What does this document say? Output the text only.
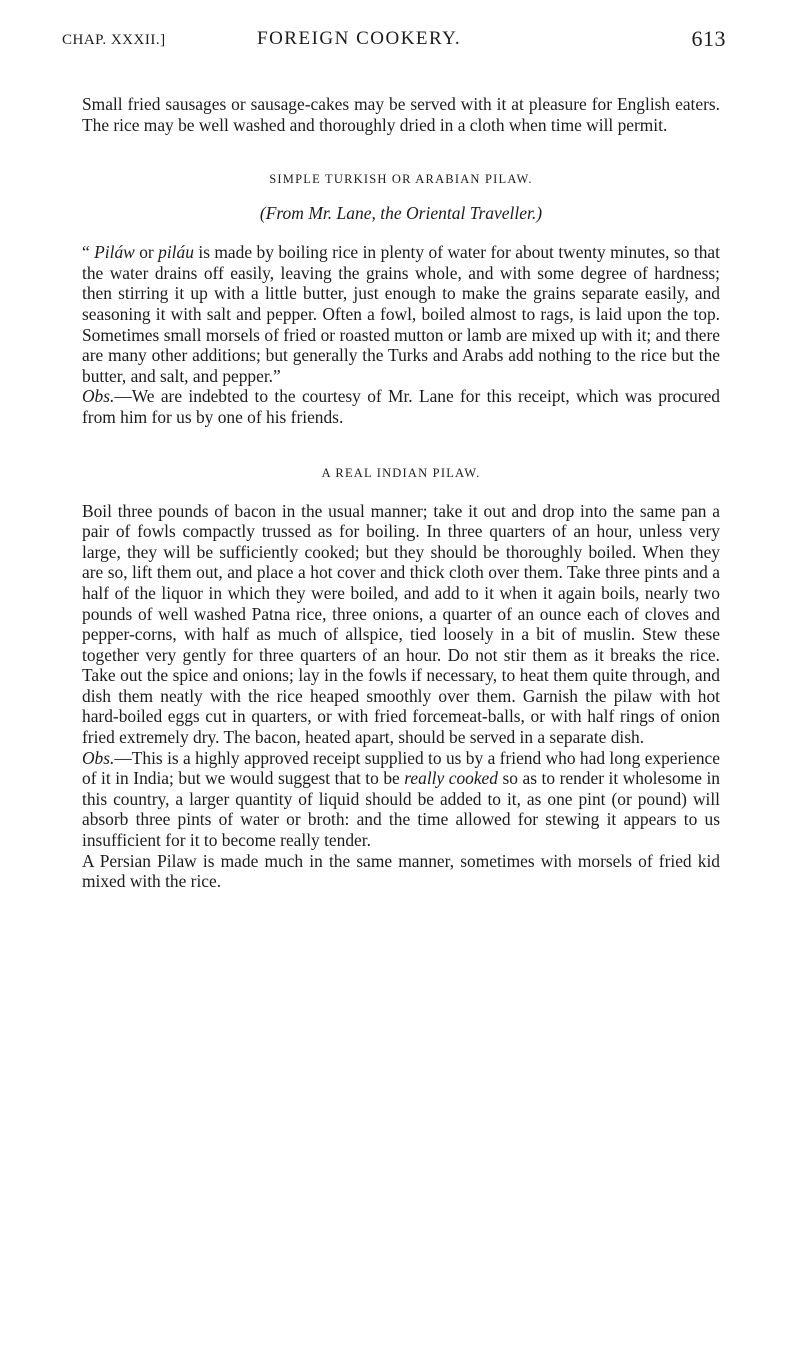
CHAP. XXXII.]	FOREIGN COOKERY.	613

Small fried sausages or sausage-cakes may be served with it at pleasure for English eaters. The rice may be well washed and thoroughly dried in a cloth when time will permit.

SIMPLE TURKISH OR ARABIAN PILAW.
(From Mr. Lane, the Oriental Traveller.)

“ Piláw or piláu is made by boiling rice in plenty of water for about twenty minutes, so that the water drains off easily, leaving the grains whole, and with some degree of hardness; then stirring it up with a little butter, just enough to make the grains separate easily, and seasoning it with salt and pepper. Often a fowl, boiled almost to rags, is laid upon the top. Sometimes small morsels of fried or roasted mutton or lamb are mixed up with it; and there are many other additions; but generally the Turks and Arabs add nothing to the rice but the butter, and salt, and pepper.”

Obs.—We are indebted to the courtesy of Mr. Lane for this receipt, which was procured from him for us by one of his friends.

A REAL INDIAN PILAW.

Boil three pounds of bacon in the usual manner; take it out and drop into the same pan a pair of fowls compactly trussed as for boiling. In three quarters of an hour, unless very large, they will be sufficiently cooked; but they should be thoroughly boiled. When they are so, lift them out, and place a hot cover and thick cloth over them. Take three pints and a half of the liquor in which they were boiled, and add to it when it again boils, nearly two pounds of well washed Patna rice, three onions, a quarter of an ounce each of cloves and pepper-corns, with half as much of allspice, tied loosely in a bit of muslin. Stew these together very gently for three quarters of an hour. Do not stir them as it breaks the rice. Take out the spice and onions; lay in the fowls if necessary, to heat them quite through, and dish them neatly with the rice heaped smoothly over them. Garnish the pilaw with hot hard-boiled eggs cut in quarters, or with fried forcemeat-balls, or with half rings of onion fried extremely dry. The bacon, heated apart, should be served in a separate dish.

Obs.—This is a highly approved receipt supplied to us by a friend who had long experience of it in India; but we would suggest that to be really cooked so as to render it wholesome in this country, a larger quantity of liquid should be added to it, as one pint (or pound) will absorb three pints of water or broth: and the time allowed for stewing it appears to us insufficient for it to become really tender.

A Persian Pilaw is made much in the same manner, sometimes with morsels of fried kid mixed with the rice.
